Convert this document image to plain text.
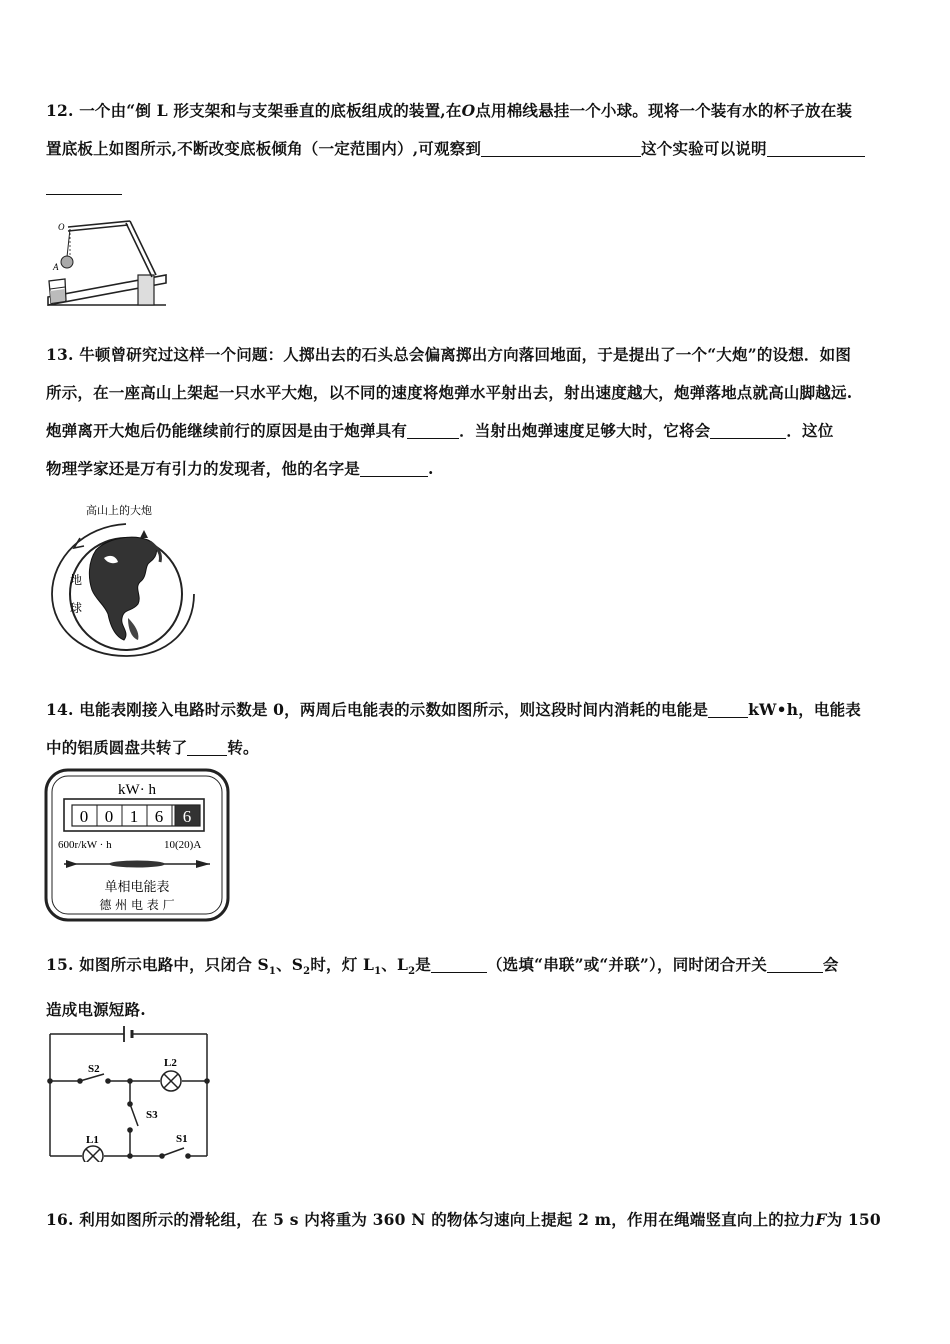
12. 一个由“倒 L 形支架和与支架垂直的底板组成的装置,在O点用棉线悬挂一个小球。现将一个装有水的杯子放在装

置底板上如图所示,不断改变底板倾角（一定范围内）,可观察到	这个实验可以说明

O
A

13. 牛顿曾研究过这样一个问题：人掷出去的石头总会偏离掷出方向落回地面，于是提出了一个“大炮”的设想．如图

所示，在一座高山上架起一只水平大炮，以不同的速度将炮弹水平射出去，射出速度越大，炮弹落地点就高山脚越远.

炮弹离开大炮后仍能继续前行的原因是由于炮弹具有	．当射出炮弹速度足够大时，它将会	．这位

物理学家还是万有引力的发现者，他的名字是	.

高山上的大炮
地
球

14. 电能表刚接入电路时示数是 0，两周后电能表的示数如图所示，则这段时间内消耗的电能是	kW•h，电能表

中的铝质圆盘共转了	转。

kW· h
0 0 1 6 6
600r/kW · h	10(20)A
单相电能表
德 州 电 表 厂

15. 如图所示电路中，只闭合 $S_1$、$S_2$时，灯 $L_1$、$L_2$是	（选填“串联”或“并联”），同时闭合开关	会

造成电源短路.

S2	L2
S3
L1	S1

16. 利用如图所示的滑轮组，在 5 s 内将重为 360 N 的物体匀速向上提起 2 m，作用在绳端竖直向上的拉力F为 150
